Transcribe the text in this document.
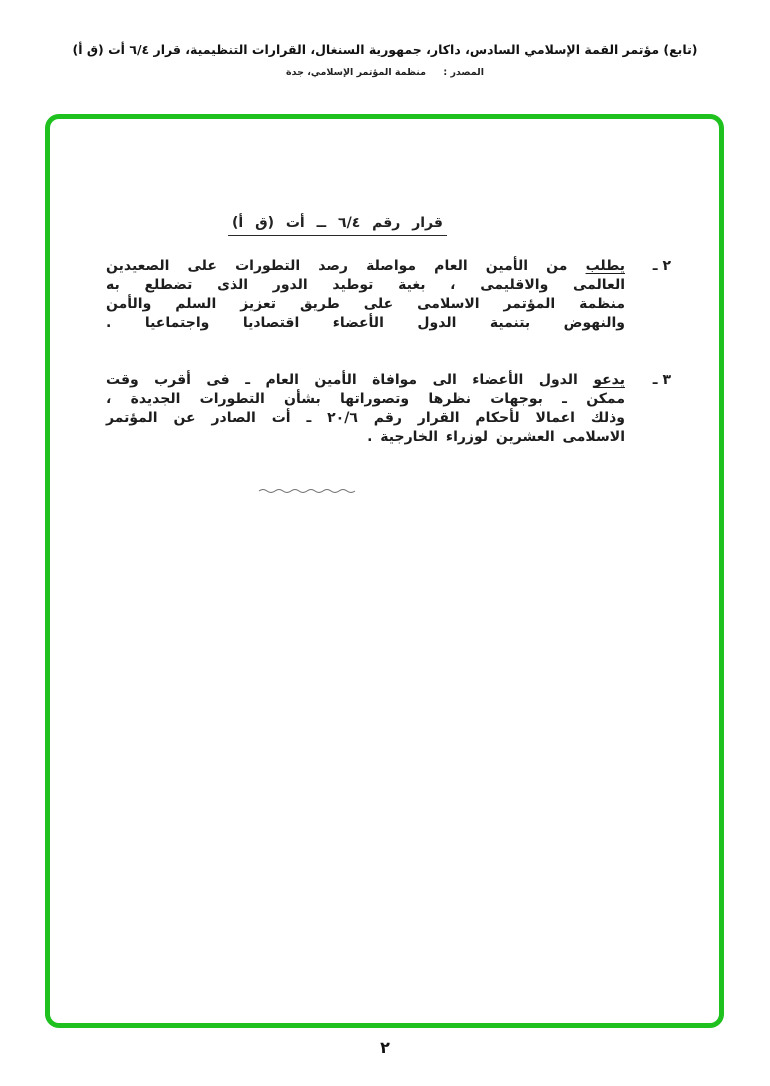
(تابع) مؤتمر القمة الإسلامي السادس، داكار، جمهورية السنغال، القرارات التنظيمية، قرار ٦/٤ أت (ق أ)
المصدر : منظمة المؤتمر الإسلامي، جدة
قرار رقم ٦/٤ ــ أت (ق أ)
٢ ـ
يطلب من الأمين العام مواصلة رصد التطورات على الصعيدين
العالمى والاقليمى ، بغية توطيد الدور الذى تضطلع به
منظمة المؤتمر الاسلامى على طريق تعزيز السلم والأمن
والنهوض بتنمية الدول الأعضاء اقتصاديا واجتماعيا .
٣ ـ
يدعو الدول الأعضاء الى موافاة الأمين العام ـ فى أقرب وقت
ممكن ـ بوجهات نظرها وتصوراتها بشأن التطورات الجديدة ،
وذلك اعمالا لأحكام القرار رقم ٢٠/٦ ـ أت الصادر عن المؤتمر
الاسلامى العشرين لوزراء الخارجية .
٢
